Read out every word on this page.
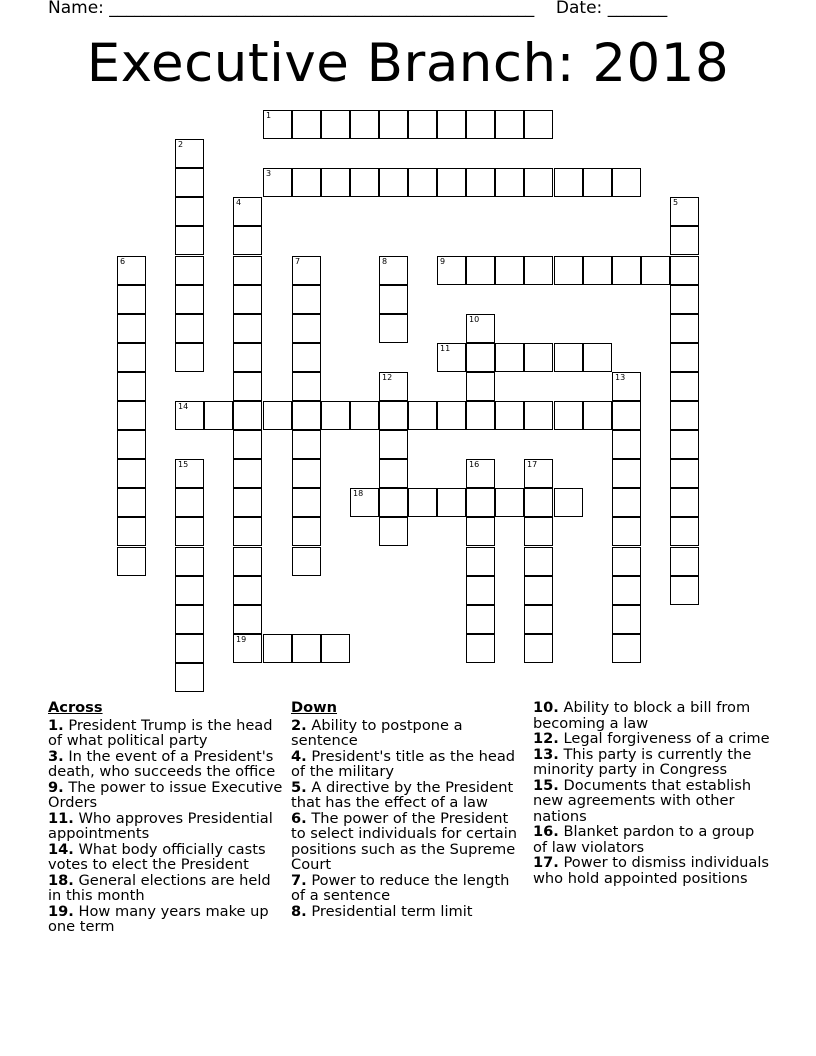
Name: __________________________________________________ Date: _______
Executive Branch: 2018
1
2
3
4
19
5
6	7	8	9
10
11
12	13
14
15	16	17
18
Across
1. President Trump is the head of what political party
3. In the event of a President's death, who succeeds the office
9. The power to issue Executive Orders
11. Who approves Presidential appointments
14. What body officially casts votes to elect the President
18. General elections are held in this month
19. How many years make up one term
Down
2. Ability to postpone a sentence
4. President's title as the head of the military
5. A directive by the President that has the effect of a law
6. The power of the President to select individuals for certain positions such as the Supreme Court
7. Power to reduce the length of a sentence
8. Presidential term limit
10. Ability to block a bill from becoming a law
12. Legal forgiveness of a crime
13. This party is currently the minority party in Congress
15. Documents that establish new agreements with other nations
16. Blanket pardon to a group of law violators
17. Power to dismiss individuals who hold appointed positions
